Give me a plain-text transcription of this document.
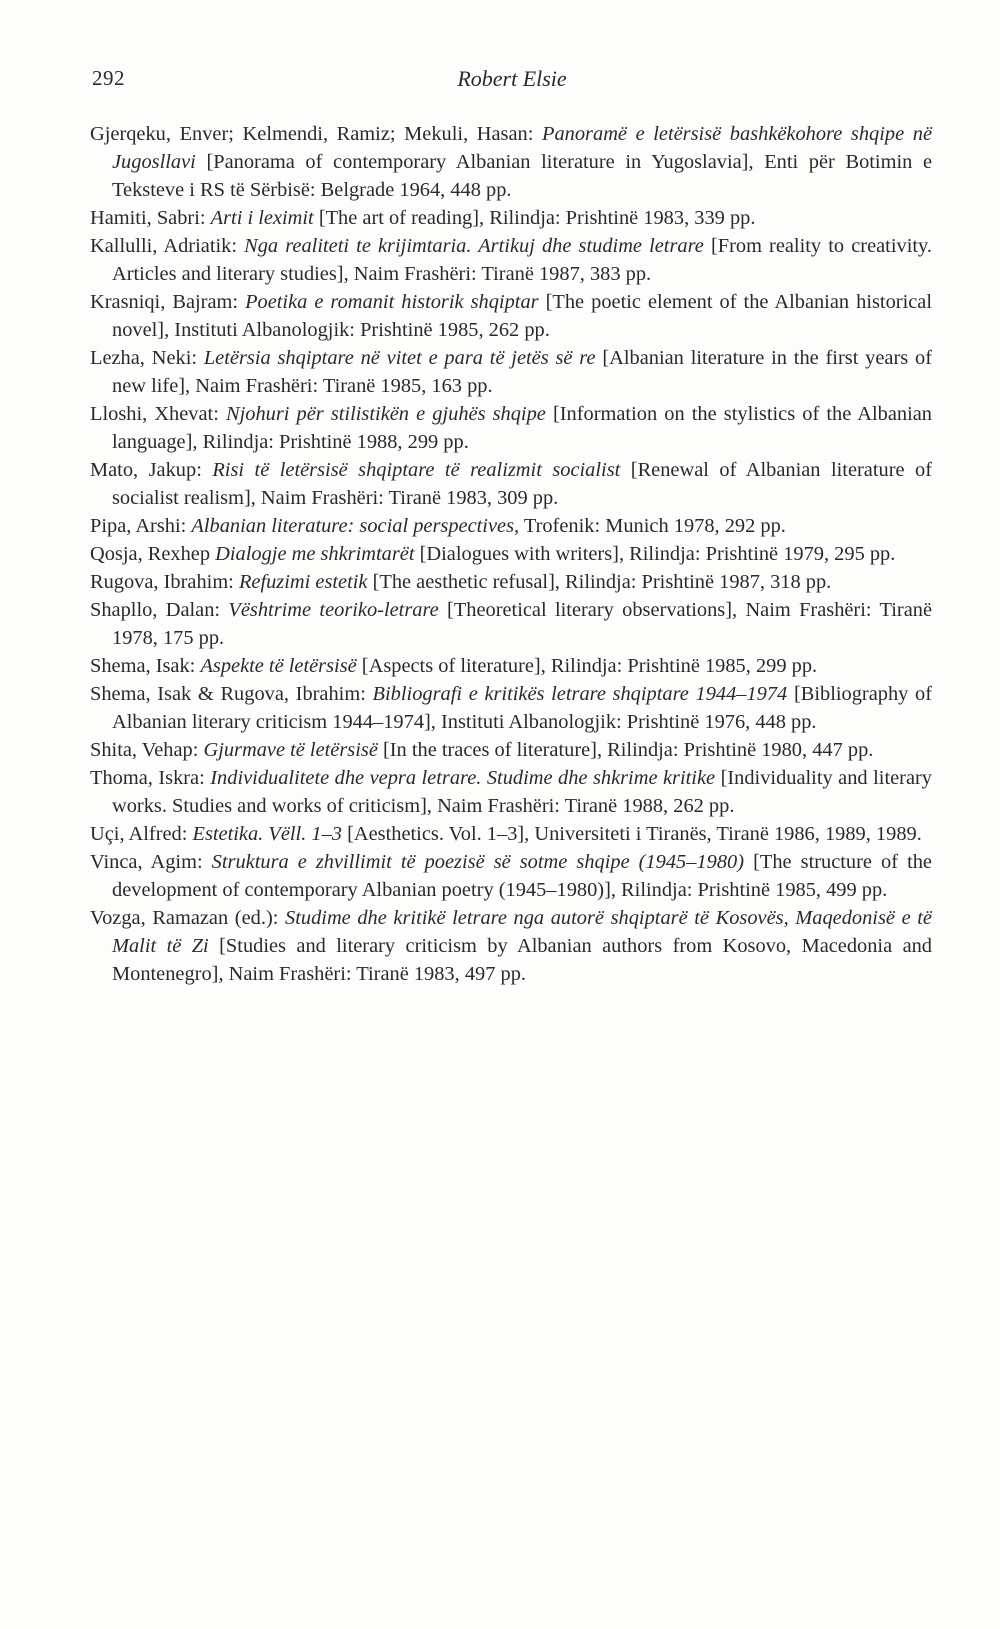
292	Robert Elsie
Gjerqeku, Enver; Kelmendi, Ramiz; Mekuli, Hasan: Panoramë e letërsisë bashkëkohore shqipe në Jugosllavi [Panorama of contemporary Albanian literature in Yugoslavia], Enti për Botimin e Teksteve i RS të Sërbisë: Belgrade 1964, 448 pp.
Hamiti, Sabri: Arti i leximit [The art of reading], Rilindja: Prishtinë 1983, 339 pp.
Kallulli, Adriatik: Nga realiteti te krijimtaria. Artikuj dhe studime letrare [From reality to creativity. Articles and literary studies], Naim Frashëri: Tiranë 1987, 383 pp.
Krasniqi, Bajram: Poetika e romanit historik shqiptar [The poetic element of the Albanian historical novel], Instituti Albanologjik: Prishtinë 1985, 262 pp.
Lezha, Neki: Letërsia shqiptare në vitet e para të jetës së re [Albanian literature in the first years of new life], Naim Frashëri: Tiranë 1985, 163 pp.
Lloshi, Xhevat: Njohuri për stilistikën e gjuhës shqipe [Information on the stylistics of the Albanian language], Rilindja: Prishtinë 1988, 299 pp.
Mato, Jakup: Risi të letërsisë shqiptare të realizmit socialist [Renewal of Albanian literature of socialist realism], Naim Frashëri: Tiranë 1983, 309 pp.
Pipa, Arshi: Albanian literature: social perspectives, Trofenik: Munich 1978, 292 pp.
Qosja, Rexhep Dialogje me shkrimtarët [Dialogues with writers], Rilindja: Prishtinë 1979, 295 pp.
Rugova, Ibrahim: Refuzimi estetik [The aesthetic refusal], Rilindja: Prishtinë 1987, 318 pp.
Shapllo, Dalan: Vështrime teoriko-letrare [Theoretical literary observations], Naim Frashëri: Tiranë 1978, 175 pp.
Shema, Isak: Aspekte të letërsisë [Aspects of literature], Rilindja: Prishtinë 1985, 299 pp.
Shema, Isak & Rugova, Ibrahim: Bibliografi e kritikës letrare shqiptare 1944–1974 [Bibliography of Albanian literary criticism 1944–1974], Instituti Albanologjik: Prishtinë 1976, 448 pp.
Shita, Vehap: Gjurmave të letërsisë [In the traces of literature], Rilindja: Prishtinë 1980, 447 pp.
Thoma, Iskra: Individualitete dhe vepra letrare. Studime dhe shkrime kritike [Individuality and literary works. Studies and works of criticism], Naim Frashëri: Tiranë 1988, 262 pp.
Uçi, Alfred: Estetika. Vëll. 1–3 [Aesthetics. Vol. 1–3], Universiteti i Tiranës, Tiranë 1986, 1989, 1989.
Vinca, Agim: Struktura e zhvillimit të poezisë së sotme shqipe (1945–1980) [The structure of the development of contemporary Albanian poetry (1945–1980)], Rilindja: Prishtinë 1985, 499 pp.
Vozga, Ramazan (ed.): Studime dhe kritikë letrare nga autorë shqiptarë të Kosovës, Maqedonisë e të Malit të Zi [Studies and literary criticism by Albanian authors from Kosovo, Macedonia and Montenegro], Naim Frashëri: Tiranë 1983, 497 pp.
